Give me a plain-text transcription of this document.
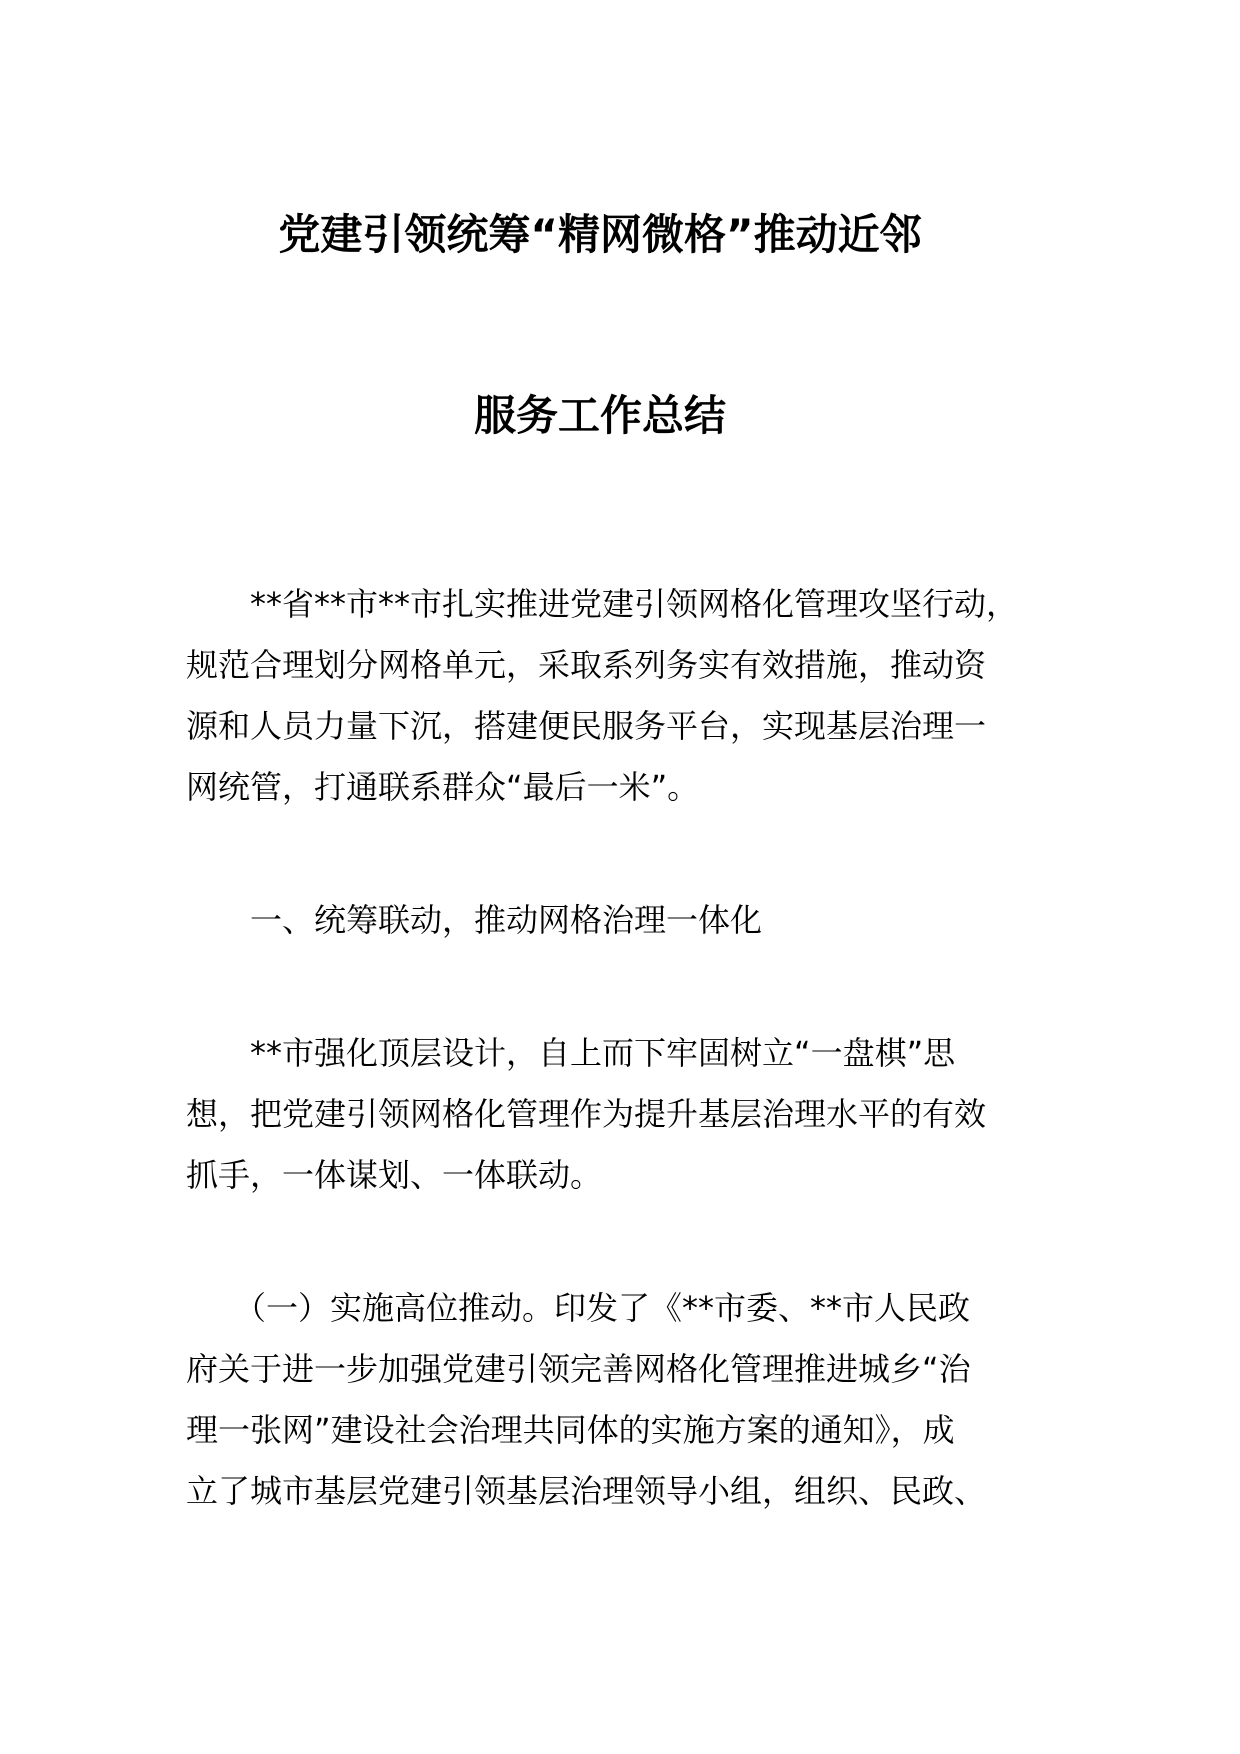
党建引领统筹“精网微格”推动近邻
服务工作总结
　　**省**市**市扎实推进党建引领网格化管理攻坚行动，
规范合理划分网格单元，采取系列务实有效措施，推动资
源和人员力量下沉，搭建便民服务平台，实现基层治理一
网统管，打通联系群众“最后一米”。
　　一、统筹联动，推动网格治理一体化
　　**市强化顶层设计，自上而下牢固树立“一盘棋”思
想，把党建引领网格化管理作为提升基层治理水平的有效
抓手，一体谋划、一体联动。
　　（一）实施高位推动。印发了《**市委、**市人民政
府关于进一步加强党建引领完善网格化管理推进城乡“治
理一张网”建设社会治理共同体的实施方案的通知》，成
立了城市基层党建引领基层治理领导小组，组织、民政、
